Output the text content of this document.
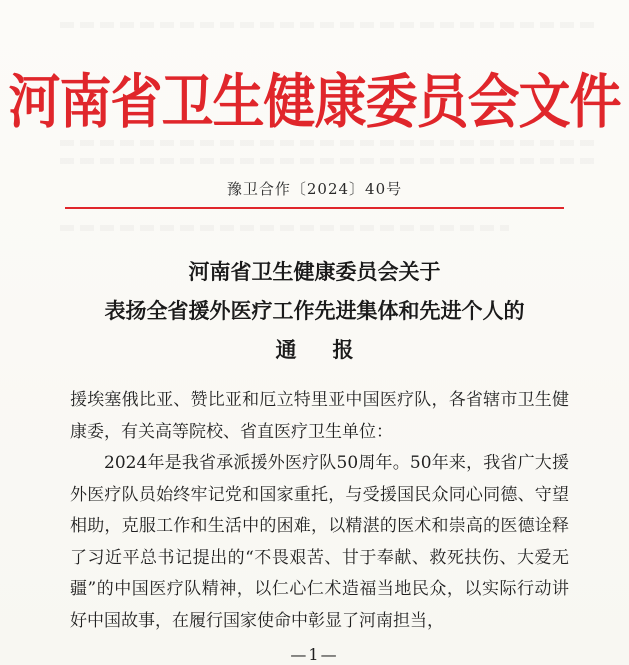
河南省卫生健康委员会文件
豫卫合作〔2024〕40号
河南省卫生健康委员会关于
表扬全省援外医疗工作先进集体和先进个人的
通报

援埃塞俄比亚、赞比亚和厄立特里亚中国医疗队，各省辖市卫生健康委，有关高等院校、省直医疗卫生单位：

2024年是我省承派援外医疗队50周年。50年来，我省广大援外医疗队员始终牢记党和国家重托，与受援国民众同心同德、守望相助，克服工作和生活中的困难，以精湛的医术和崇高的医德诠释了习近平总书记提出的“不畏艰苦、甘于奉献、救死扶伤、大爱无疆”的中国医疗队精神，以仁心仁术造福当地民众，以实际行动讲好中国故事，在履行国家使命中彰显了河南担当，

—1—
